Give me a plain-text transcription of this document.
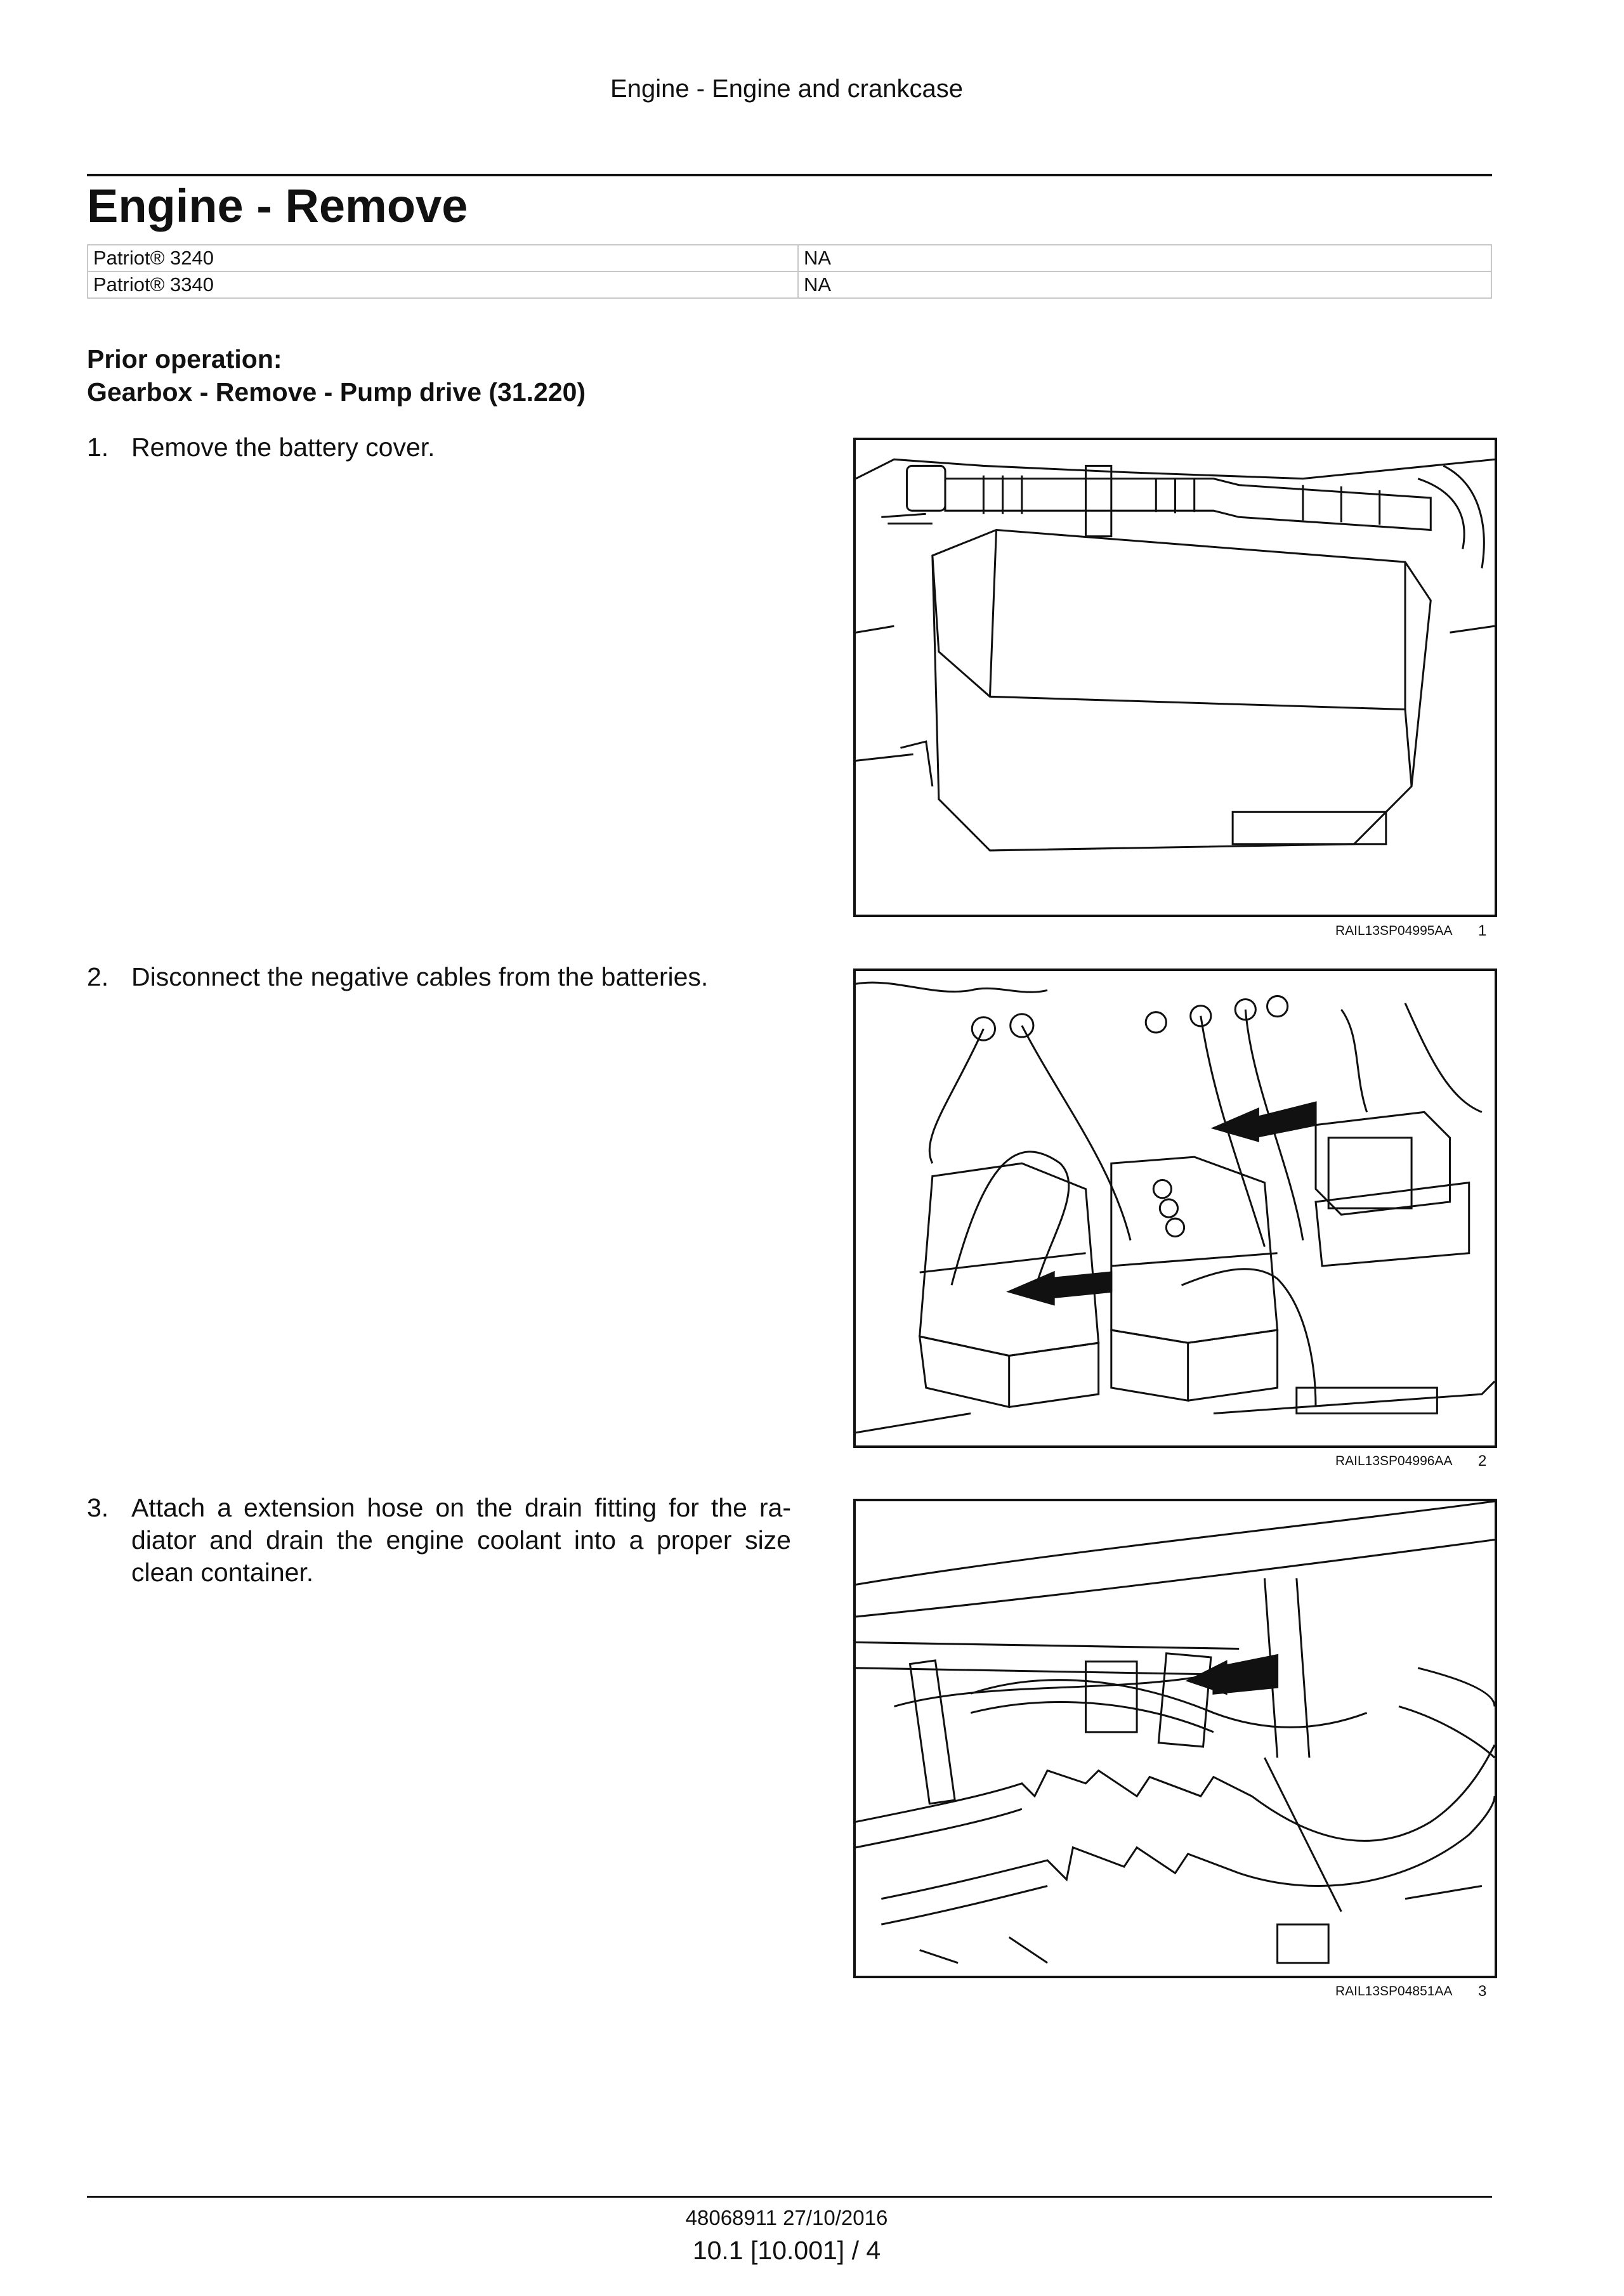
Engine - Engine and crankcase
Engine - Remove
Patriot® 3240	NA
Patriot® 3340	NA
Prior operation:
Gearbox - Remove - Pump drive (31.220)
1. Remove the battery cover.
RAIL13SP04995AA 1
2. Disconnect the negative cables from the batteries.
RAIL13SP04996AA 2
3. Attach a extension hose on the drain fitting for the ra-diator and drain the engine coolant into a proper size clean container.
RAIL13SP04851AA 3
48068911 27/10/2016
10.1 [10.001] / 4
